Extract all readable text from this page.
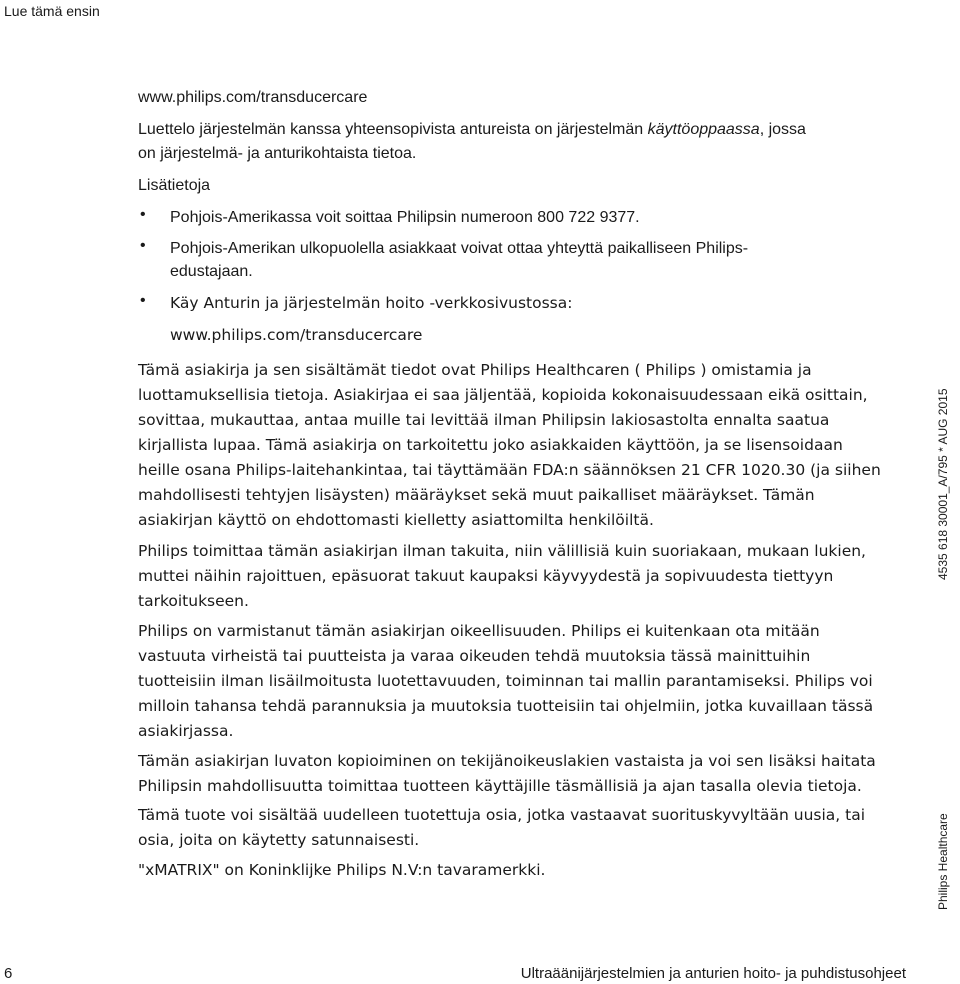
Lue tämä ensin

www.philips.com/transducercare

Luettelo järjestelmän kanssa yhteensopivista antureista on järjestelmän käyttöoppaassa, jossa

on järjestelmä- ja anturikohtaista tietoa.

Lisätietoja

• Pohjois-Amerikassa voit soittaa Philipsin numeroon 800 722 9377.

• Pohjois-Amerikan ulkopuolella asiakkaat voivat ottaa yhteyttä paikalliseen Philips-

edustajaan.

• Käy Anturin ja järjestelmän hoito -verkkosivustossa:

www.philips.com/transducercare

Tämä asiakirja ja sen sisältämät tiedot ovat Philips Healthcaren ( Philips ) omistamia ja

luottamuksellisia tietoja. Asiakirjaa ei saa jäljentää, kopioida kokonaisuudessaan eikä osittain,

sovittaa, mukauttaa, antaa muille tai levittää ilman Philipsin lakiosastolta ennalta saatua

kirjallista lupaa. Tämä asiakirja on tarkoitettu joko asiakkaiden käyttöön, ja se lisensoidaan

heille osana Philips-laitehankintaa, tai täyttämään FDA:n säännöksen 21 CFR 1020.30 (ja siihen

mahdollisesti tehtyjen lisäysten) määräykset sekä muut paikalliset määräykset. Tämän

asiakirjan käyttö on ehdottomasti kielletty asiattomilta henkilöiltä.

Philips toimittaa tämän asiakirjan ilman takuita, niin välillisiä kuin suoriakaan, mukaan lukien,

muttei näihin rajoittuen, epäsuorat takuut kaupaksi käyvyydestä ja sopivuudesta tiettyyn

tarkoitukseen.

Philips on varmistanut tämän asiakirjan oikeellisuuden. Philips ei kuitenkaan ota mitään

vastuuta virheistä tai puutteista ja varaa oikeuden tehdä muutoksia tässä mainittuihin

tuotteisiin ilman lisäilmoitusta luotettavuuden, toiminnan tai mallin parantamiseksi. Philips voi

milloin tahansa tehdä parannuksia ja muutoksia tuotteisiin tai ohjelmiin, jotka kuvaillaan tässä

asiakirjassa.

Tämän asiakirjan luvaton kopioiminen on tekijänoikeuslakien vastaista ja voi sen lisäksi haitata

Philipsin mahdollisuutta toimittaa tuotteen käyttäjille täsmällisiä ja ajan tasalla olevia tietoja.

Tämä tuote voi sisältää uudelleen tuotettuja osia, jotka vastaavat suorituskyvyltään uusia, tai

osia, joita on käytetty satunnaisesti.

"xMATRIX" on Koninklijke Philips N.V:n tavaramerkki.

4535 618 30001_A/795 * AUG 2015
Philips Healthcare
6	Ultraäänijärjestelmien ja anturien hoito- ja puhdistusohjeet
